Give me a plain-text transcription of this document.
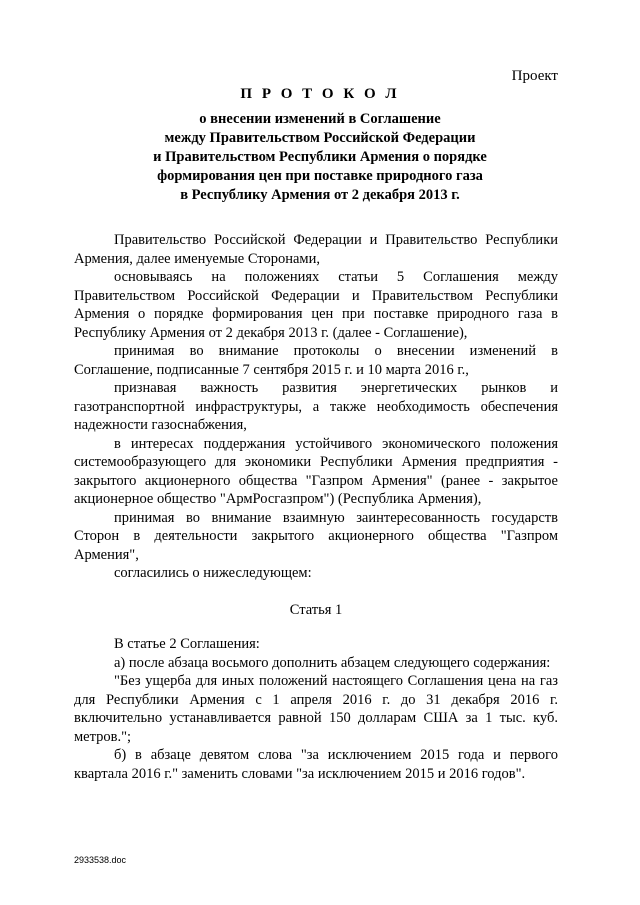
Проект
П Р О Т О К О Л
о внесении изменений в Соглашение
между Правительством Российской Федерации
и Правительством Республики Армения о порядке
формирования цен при поставке природного газа
в Республику Армения от 2 декабря 2013 г.

Правительство Российской Федерации и Правительство Республики Армения, далее именуемые Сторонами,

основываясь на положениях статьи 5 Соглашения между Правительством Российской Федерации и Правительством Республики Армения о порядке формирования цен при поставке природного газа в Республику Армения от 2 декабря 2013 г. (далее - Соглашение),

принимая во внимание протоколы о внесении изменений в Соглашение, подписанные 7 сентября 2015 г. и 10 марта 2016 г.,

признавая важность развития энергетических рынков и газотранспортной инфраструктуры, а также необходимость обеспечения надежности газоснабжения,

в интересах поддержания устойчивого экономического положения системообразующего для экономики Республики Армения предприятия - закрытого акционерного общества "Газпром Армения" (ранее - закрытое акционерное общество "АрмРосгазпром") (Республика Армения),

принимая во внимание взаимную заинтересованность государств Сторон в деятельности закрытого акционерного общества "Газпром Армения",

согласились о нижеследующем:

Статья 1

В статье 2 Соглашения:

а) после абзаца восьмого дополнить абзацем следующего содержания:

"Без ущерба для иных положений настоящего Соглашения цена на газ для Республики Армения с 1 апреля 2016 г. до 31 декабря 2016 г. включительно устанавливается равной 150 долларам США за 1 тыс. куб. метров.";

б) в абзаце девятом слова "за исключением 2015 года и первого квартала 2016 г." заменить словами "за исключением 2015 и 2016 годов".

2933538.doc
